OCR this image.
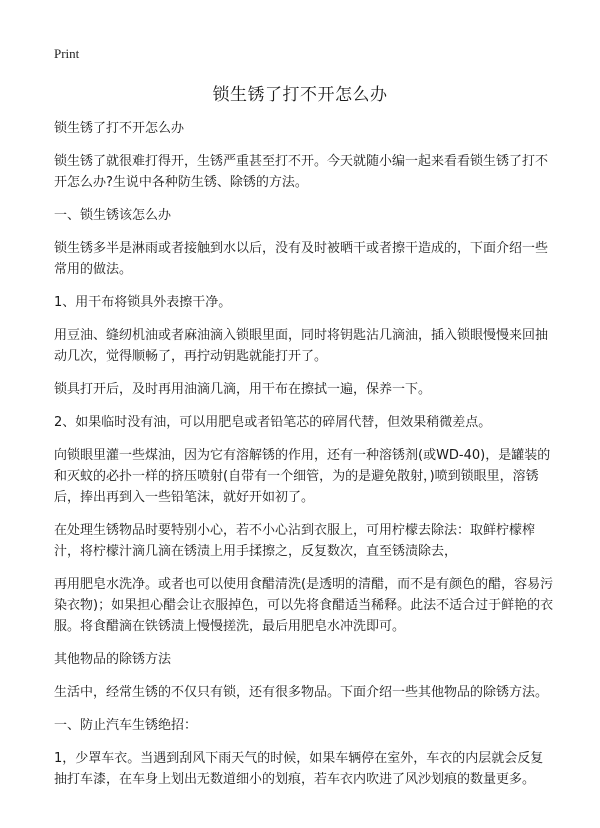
Print
锁生锈了打不开怎么办

锁生锈了打不开怎么办

锁生锈了就很难打得开，生锈严重甚至打不开。今天就随小编一起来看看锁生锈了打不开怎么办?生说中各种防生锈、除锈的方法。

一、锁生锈该怎么办

锁生锈多半是淋雨或者接触到水以后，没有及时被晒干或者擦干造成的，下面介绍一些常用的做法。

1、用干布将锁具外表擦干净。

用豆油、缝纫机油或者麻油滴入锁眼里面，同时将钥匙沾几滴油，插入锁眼慢慢来回抽动几次，觉得顺畅了，再拧动钥匙就能打开了。

锁具打开后，及时再用油滴几滴，用干布在擦拭一遍，保养一下。

2、如果临时没有油，可以用肥皂或者铅笔芯的碎屑代替，但效果稍微差点。

向锁眼里灌一些煤油，因为它有溶解锈的作用，还有一种溶锈剂(或WD-40)，是罐装的和灭蚊的必扑一样的挤压喷射(自带有一个细管，为的是避免散射，)喷到锁眼里，溶锈后，捧出再到入一些铅笔沫，就好开如初了。

在处理生锈物品时要特别小心，若不小心沾到衣服上，可用柠檬去除法：取鲜柠檬榨汁，将柠檬汁滴几滴在锈渍上用手揉擦之，反复数次，直至锈渍除去，

再用肥皂水洗净。或者也可以使用食醋清洗(是透明的清醋，而不是有颜色的醋，容易污染衣物)；如果担心醋会让衣服掉色，可以先将食醋适当稀释。此法不适合过于鲜艳的衣服。将食醋滴在铁锈渍上慢慢搓洗，最后用肥皂水冲洗即可。

其他物品的除锈方法

生活中，经常生锈的不仅只有锁，还有很多物品。下面介绍一些其他物品的除锈方法。

一、防止汽车生锈绝招：

1，少罩车衣。当遇到刮风下雨天气的时候，如果车辆停在室外，车衣的内层就会反复抽打车漆，在车身上划出无数道细小的划痕，若车衣内吹进了风沙划痕的数量更多。
